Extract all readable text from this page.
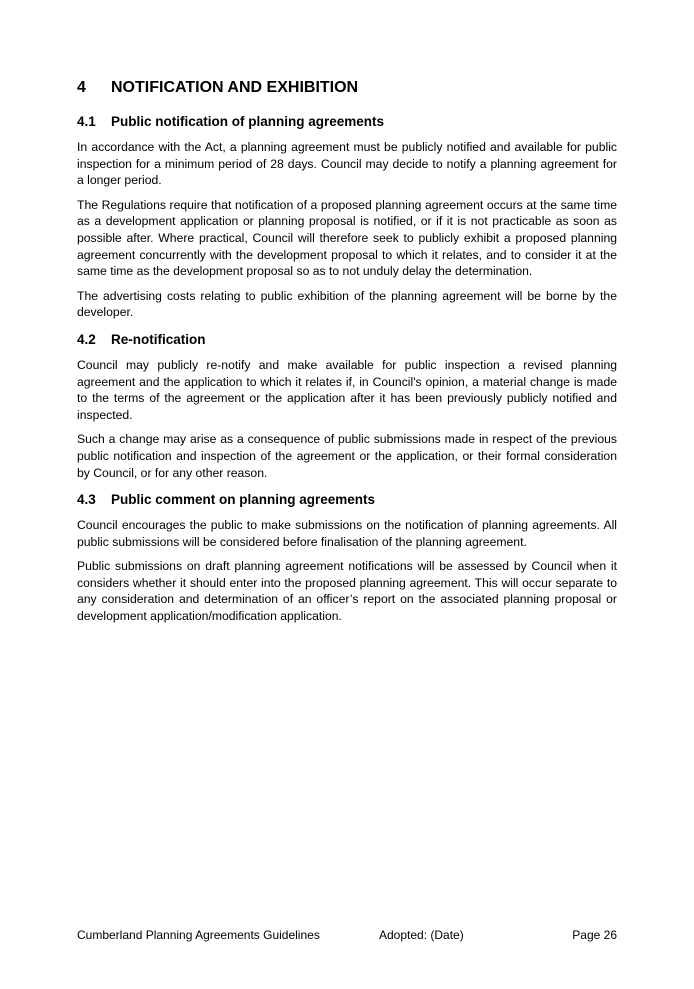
4	NOTIFICATION AND EXHIBITION
4.1	Public notification of planning agreements

In accordance with the Act, a planning agreement must be publicly notified and available for public inspection for a minimum period of 28 days. Council may decide to notify a planning agreement for a longer period.

The Regulations require that notification of a proposed planning agreement occurs at the same time as a development application or planning proposal is notified, or if it is not practicable as soon as possible after. Where practical, Council will therefore seek to publicly exhibit a proposed planning agreement concurrently with the development proposal to which it relates, and to consider it at the same time as the development proposal so as to not unduly delay the determination.

The advertising costs relating to public exhibition of the planning agreement will be borne by the developer.

4.2	Re-notification

Council may publicly re-notify and make available for public inspection a revised planning agreement and the application to which it relates if, in Council's opinion, a material change is made to the terms of the agreement or the application after it has been previously publicly notified and inspected.

Such a change may arise as a consequence of public submissions made in respect of the previous public notification and inspection of the agreement or the application, or their formal consideration by Council, or for any other reason.

4.3	Public comment on planning agreements

Council encourages the public to make submissions on the notification of planning agreements. All public submissions will be considered before finalisation of the planning agreement.

Public submissions on draft planning agreement notifications will be assessed by Council when it considers whether it should enter into the proposed planning agreement. This will occur separate to any consideration and determination of an officer’s report on the associated planning proposal or development application/modification application.

Cumberland Planning Agreements Guidelines	Adopted: (Date)	Page 26
